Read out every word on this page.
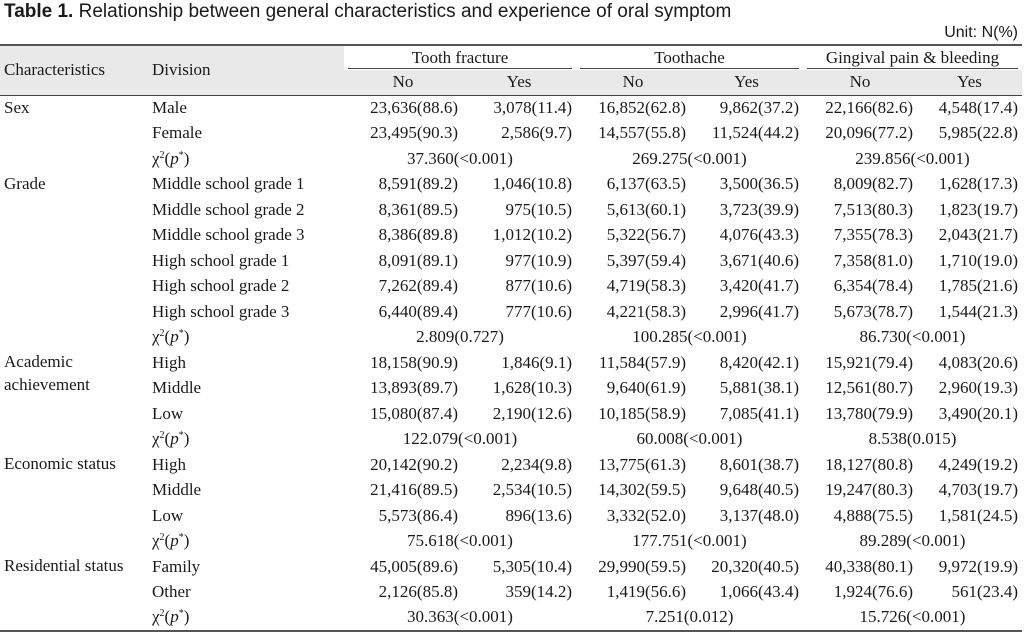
Table 1. Relationship between general characteristics and experience of oral symptom
Unit: N(%)
Characteristics	Division	Tooth fracture		Toothache		Gingival pain & bleeding	

		No	Yes	No	Yes	No	Yes
Sex	Male	23,636(88.6)	3,078(11.4)	16,852(62.8)	9,862(37.2)	22,166(82.6)	4,548(17.4)
	Female	23,495(90.3)	2,586(9.7)	14,557(55.8)	11,524(44.2)	20,096(77.2)	5,985(22.8)
	$\chi^2(p^*)$	37.360(<0.001)		269.275(<0.001)		239.856(<0.001)	
Grade	Middle school grade 1	8,591(89.2)	1,046(10.8)	6,137(63.5)	3,500(36.5)	8,009(82.7)	1,628(17.3)
	Middle school grade 2	8,361(89.5)	975(10.5)	5,613(60.1)	3,723(39.9)	7,513(80.3)	1,823(19.7)
	Middle school grade 3	8,386(89.8)	1,012(10.2)	5,322(56.7)	4,076(43.3)	7,355(78.3)	2,043(21.7)
	High school grade 1	8,091(89.1)	977(10.9)	5,397(59.4)	3,671(40.6)	7,358(81.0)	1,710(19.0)
	High school grade 2	7,262(89.4)	877(10.6)	4,719(58.3)	3,420(41.7)	6,354(78.4)	1,785(21.6)
	High school grade 3	6,440(89.4)	777(10.6)	4,221(58.3)	2,996(41.7)	5,673(78.7)	1,544(21.3)
	$\chi^2(p^*)$	2.809(0.727)		100.285(<0.001)		86.730(<0.001)	
Academic achievement	High	18,158(90.9)	1,846(9.1)	11,584(57.9)	8,420(42.1)	15,921(79.4)	4,083(20.6)
	Middle	13,893(89.7)	1,628(10.3)	9,640(61.9)	5,881(38.1)	12,561(80.7)	2,960(19.3)
	Low	15,080(87.4)	2,190(12.6)	10,185(58.9)	7,085(41.1)	13,780(79.9)	3,490(20.1)
	$\chi^2(p^*)$	122.079(<0.001)		60.008(<0.001)		8.538(0.015)	
Economic status	High	20,142(90.2)	2,234(9.8)	13,775(61.3)	8,601(38.7)	18,127(80.8)	4,249(19.2)
	Middle	21,416(89.5)	2,534(10.5)	14,302(59.5)	9,648(40.5)	19,247(80.3)	4,703(19.7)
	Low	5,573(86.4)	896(13.6)	3,332(52.0)	3,137(48.0)	4,888(75.5)	1,581(24.5)
	$\chi^2(p^*)$	75.618(<0.001)		177.751(<0.001)		89.289(<0.001)	
Residential status	Family	45,005(89.6)	5,305(10.4)	29,990(59.5)	20,320(40.5)	40,338(80.1)	9,972(19.9)
	Other	2,126(85.8)	359(14.2)	1,419(56.6)	1,066(43.4)	1,924(76.6)	561(23.4)
	$\chi^2(p^*)$	30.363(<0.001)		7.251(0.012)		15.726(<0.001)	
